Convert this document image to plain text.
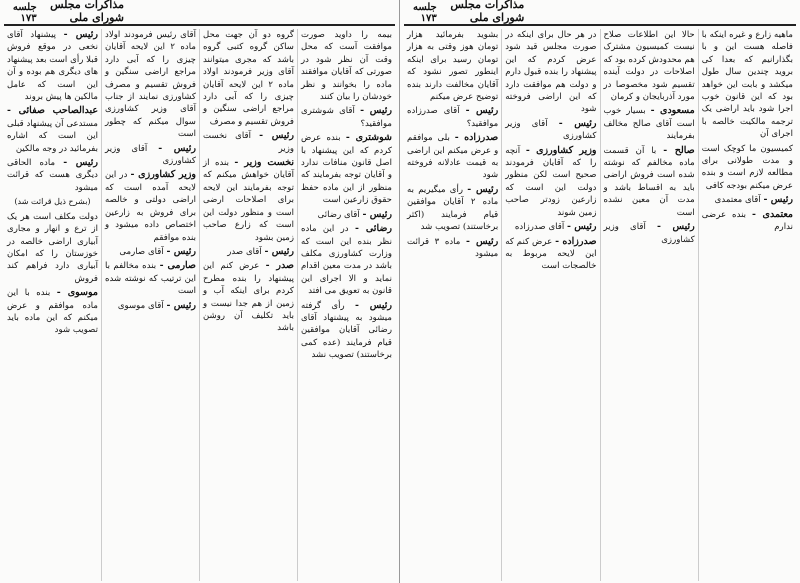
مذاکرات مجلس شورای ملی
جلسه ۱۷۳

بیمه را داوید صورت موافقت آست که محل وقت آن نظر شود در صورتی که آقایان موافقند ماده را بخوانند و نظر خودشان را بیان کنند

رئیس - آقای شوشتری موافقید؟

شوشتری - بنده عرض کردم که این پیشنهاد با اصل قانون منافات ندارد و آقایان توجه بفرمایند که منظور از این ماده حفظ حقوق زارعین است

رئیس - آقای رضائی

رضائی - در این ماده نظر بنده این است که وزارت کشاورزی مکلف باشد در مدت معین اقدام نماید و الا اجرای این قانون به تعویق می افتد

رئیس - رأی گرفته میشود به پیشنهاد آقای رضائی آقایان موافقین قیام فرمایند (عده کمی برخاستند) تصویب نشد

گروه دو آن جهت محل ساکن گروه کتبی گروه باشد که مجری میتوانند آقای وزیر فرمودند اولاد ماده ۲ این لایحه آقایان چیزی را که آبی دارد مراجع اراضی سنگین و فروش تقسیم و مصرف

رئیس - آقای نخست وزیر

نخست وزیر - بنده از آقایان خواهش میکنم که توجه بفرمایند این لایحه برای اصلاحات ارضی است و منظور دولت این است که زارع صاحب زمین بشود

رئیس - آقای صدر

صدر - عرض کنم این پیشنهاد را بنده مطرح کردم برای اینکه آب و زمین از هم جدا نیست و باید تکلیف آن روشن باشد

آقای رئیس فرمودند اولاد ماده ۲ این لایحه آقایان چیزی را که آبی دارد مراجع اراضی سنگین و فروش تقسیم و مصرف کشاورزی نمایند از جناب آقای وزیر کشاورزی سوال میکنم که چطور است

رئیس - آقای وزیر کشاورزی

وزیر کشاورزی - در این لایحه آمده است که اراضی دولتی و خالصه برای فروش به زارعین اختصاص داده میشود و بنده موافقم

رئیس - آقای صارمی

صارمی - بنده مخالفم با این ترتیب که نوشته شده است

رئیس - آقای موسوی

رئیس - پیشنهاد آقای نخعی در موقع فروش قبلا رأی است بعد پیشنهاد های دیگری هم بوده و آن این است که عامل مالکین ها پیش بروند

عبدالصاحب صفائی - مستدعی آن پیشنهاد قبلی این است که اشاره بفرمائید در وجه مالکین

رئیس - ماده الحاقی دیگری هست که قرائت میشود

(بشرح ذیل قرائت شد)

دولت مکلف است هر یک از ترع و انهار و مجاری آبیاری اراضی خالصه در خوزستان را که امکان آبیاری دارد فراهم کند فروش

موسوی - بنده با این ماده موافقم و عرض میکنم که این ماده باید تصویب شود

مذاکرات مجلس شورای ملی
جلسه ۱۷۳

ماهیه زارع و غیره اینکه با فاصله هست این و با بگذارانیم که بعدا کی بروید چندین سال طول میکشد و بابت این خواهد بود که این قانون خوب اجرا شود باید اراضی یک ترجمه مالکیت خالصه با اجرای آن

کمیسیون ما کوچک است و مدت طولانی برای مطالعه لازم است و بنده عرض میکنم بودجه کافی

رئیس - آقای معتمدی

معتمدی - بنده عرضی ندارم

حالا این اطلاعات صلاح نیست کمیسیون مشترک هم محدودش کرده بود که اصلاحات در دولت آینده تقسیم شود مخصوصا در مورد آذربایجان و کرمان

مسعودی - بسیار خوب است آقای صالح مخالف بفرمایند

صالح - با آن قسمت ماده مخالفم که نوشته شده است فروش اراضی باید به اقساط باشد و مدت آن معین نشده است

رئیس - آقای وزیر کشاورزی

در هر حال برای اینکه در صورت مجلس قید شود عرض کردم که این پیشنهاد را بنده قبول دارم و دولت هم موافقت دارد که این اراضی فروخته شود

رئیس - آقای وزیر کشاورزی

وزیر کشاورزی - آنچه را که آقایان فرمودند صحیح است لکن منظور دولت این است که زارعین زودتر صاحب زمین شوند

رئیس - آقای صدرزاده

صدرزاده - عرض کنم که این لایحه مربوط به خالصجات است

بشوید بفرمائید هزار تومان هوز وقتی به هزار تومان رسید برای اینکه اینطور تصور نشود که آقایان مخالفت دارند بنده توضیح عرض میکنم

رئیس - آقای صدرزاده موافقید؟

صدرزاده - بلی موافقم و عرض میکنم این اراضی به قیمت عادلانه فروخته شود

رئیس - رأی میگیریم به ماده ۲ آقایان موافقین قیام فرمایند (اکثر برخاستند) تصویب شد

رئیس - ماده ۳ قرائت میشود
